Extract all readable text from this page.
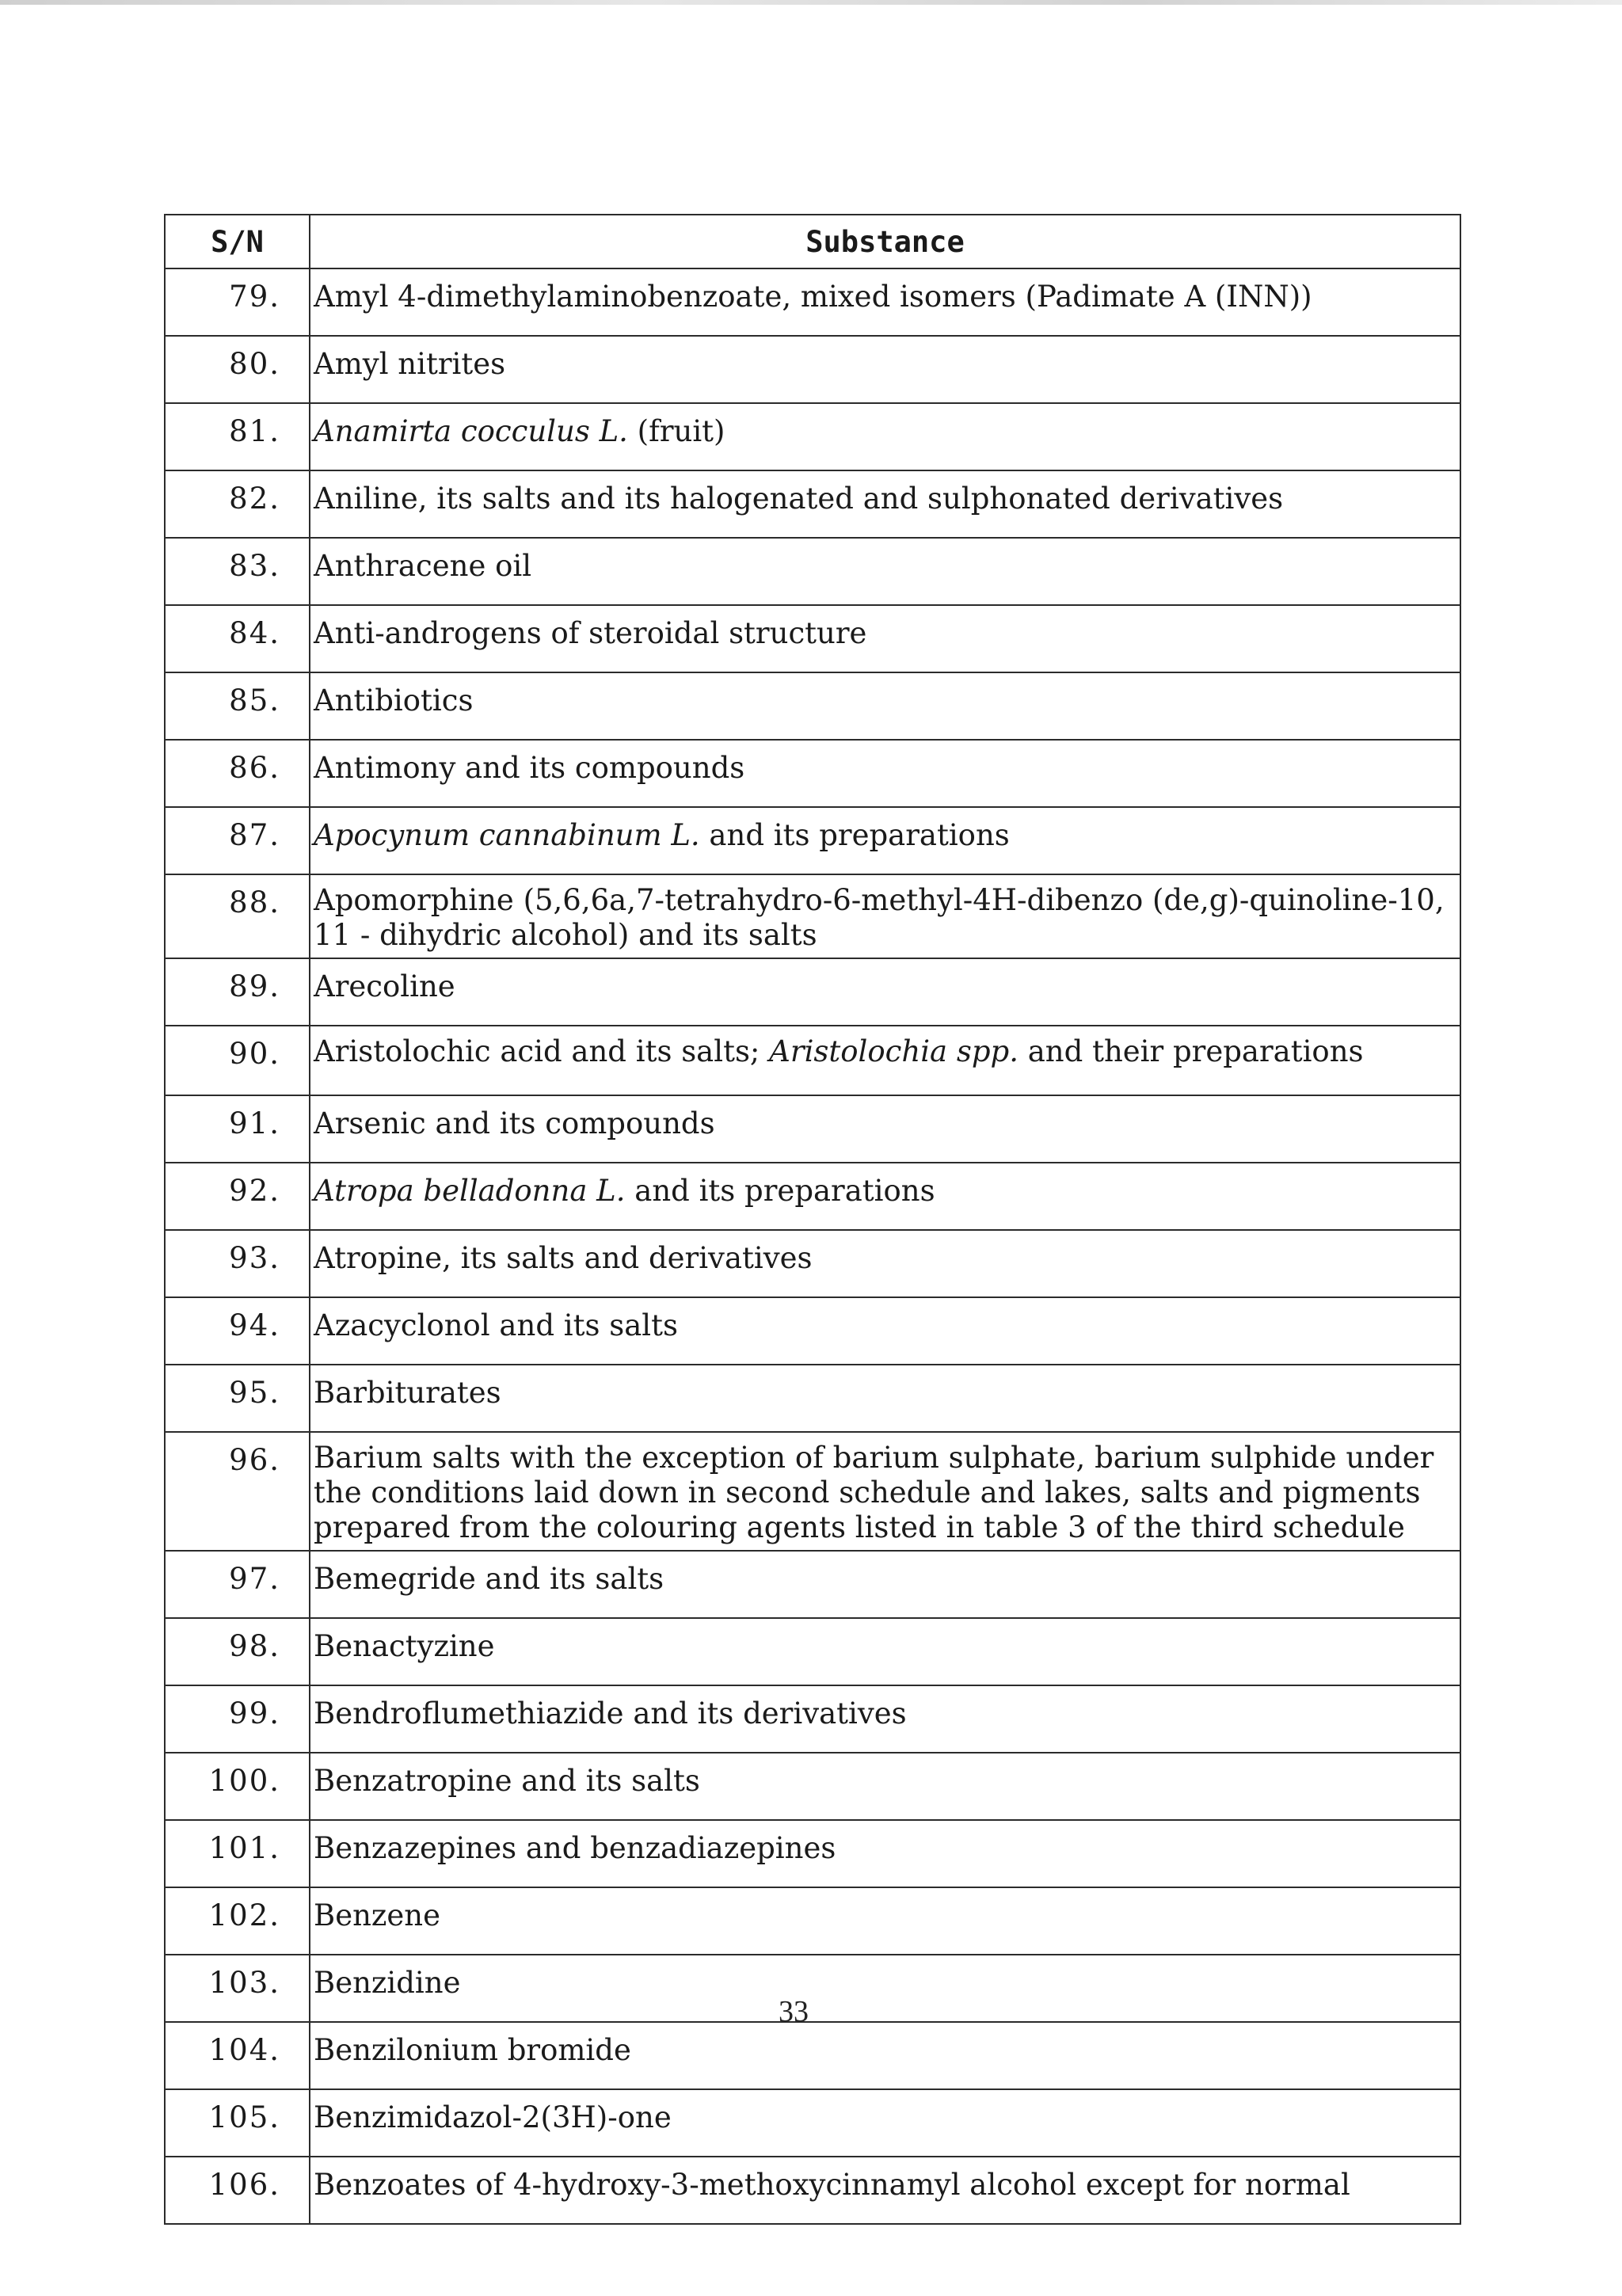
S/N	Substance
79.	Amyl 4-dimethylaminobenzoate, mixed isomers (Padimate A (INN))
80.	Amyl nitrites
81.	Anamirta cocculus L. (fruit)
82.	Aniline, its salts and its halogenated and sulphonated derivatives
83.	Anthracene oil
84.	Anti-androgens of steroidal structure
85.	Antibiotics
86.	Antimony and its compounds
87.	Apocynum cannabinum L. and its preparations
88.	Apomorphine (5,6,6a,7-tetrahydro-6-methyl-4H-dibenzo (de,g)-quinoline-10, 11 - dihydric alcohol) and its salts
89.	Arecoline
90.	Aristolochic acid and its salts; Aristolochia spp. and their preparations
91.	Arsenic and its compounds
92.	Atropa belladonna L. and its preparations
93.	Atropine, its salts and derivatives
94.	Azacyclonol and its salts
95.	Barbiturates
96.	Barium salts with the exception of barium sulphate, barium sulphide under the conditions laid down in second schedule and lakes, salts and pigments prepared from the colouring agents listed in table 3 of the third schedule
97.	Bemegride and its salts
98.	Benactyzine
99.	Bendroflumethiazide and its derivatives
100.	Benzatropine and its salts
101.	Benzazepines and benzadiazepines
102.	Benzene
103.	Benzidine
104.	Benzilonium bromide
105.	Benzimidazol-2(3H)-one
106.	Benzoates of 4-hydroxy-3-methoxycinnamyl alcohol except for normal
33
